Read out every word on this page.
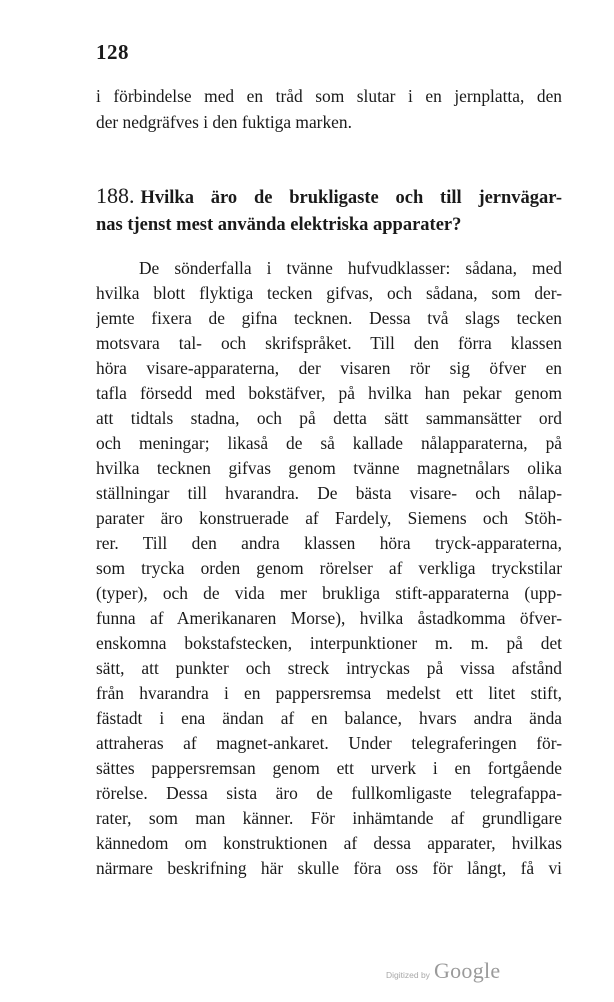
128
i förbindelse med en tråd som slutar i en jernplatta, den
der nedgräfves i den fuktiga marken.
188. Hvilka äro de brukligaste och till jernvägar-
nas tjenst mest använda elektriska apparater?
De sönderfalla i tvänne hufvudklasser: sådana, med
hvilka blott flyktiga tecken gifvas, och sådana, som der-
jemte fixera de gifna tecknen. Dessa två slags tecken
motsvara tal- och skrifspråket. Till den förra klassen
höra visare-apparaterna, der visaren rör sig öfver en
tafla försedd med bokstäfver, på hvilka han pekar genom
att tidtals stadna, och på detta sätt sammansätter ord
och meningar; likaså de så kallade nålapparaterna, på
hvilka tecknen gifvas genom tvänne magnetnålars olika
ställningar till hvarandra. De bästa visare- och nålap-
parater äro konstruerade af Fardely, Siemens och Stöh-
rer. Till den andra klassen höra tryck-apparaterna,
som trycka orden genom rörelser af verkliga tryckstilar
(typer), och de vida mer brukliga stift-apparaterna (upp-
funna af Amerikanaren Morse), hvilka åstadkomma öfver-
enskomna bokstafstecken, interpunktioner m. m. på det
sätt, att punkter och streck intryckas på vissa afstånd
från hvarandra i en pappersremsa medelst ett litet stift,
fästadt i ena ändan af en balance, hvars andra ända
attraheras af magnet-ankaret. Under telegraferingen för-
sättes pappersremsan genom ett urverk i en fortgående
rörelse. Dessa sista äro de fullkomligaste telegrafappa-
rater, som man känner. För inhämtande af grundligare
kännedom om konstruktionen af dessa apparater, hvilkas
närmare beskrifning här skulle föra oss för långt, få vi
Digitized by Google
